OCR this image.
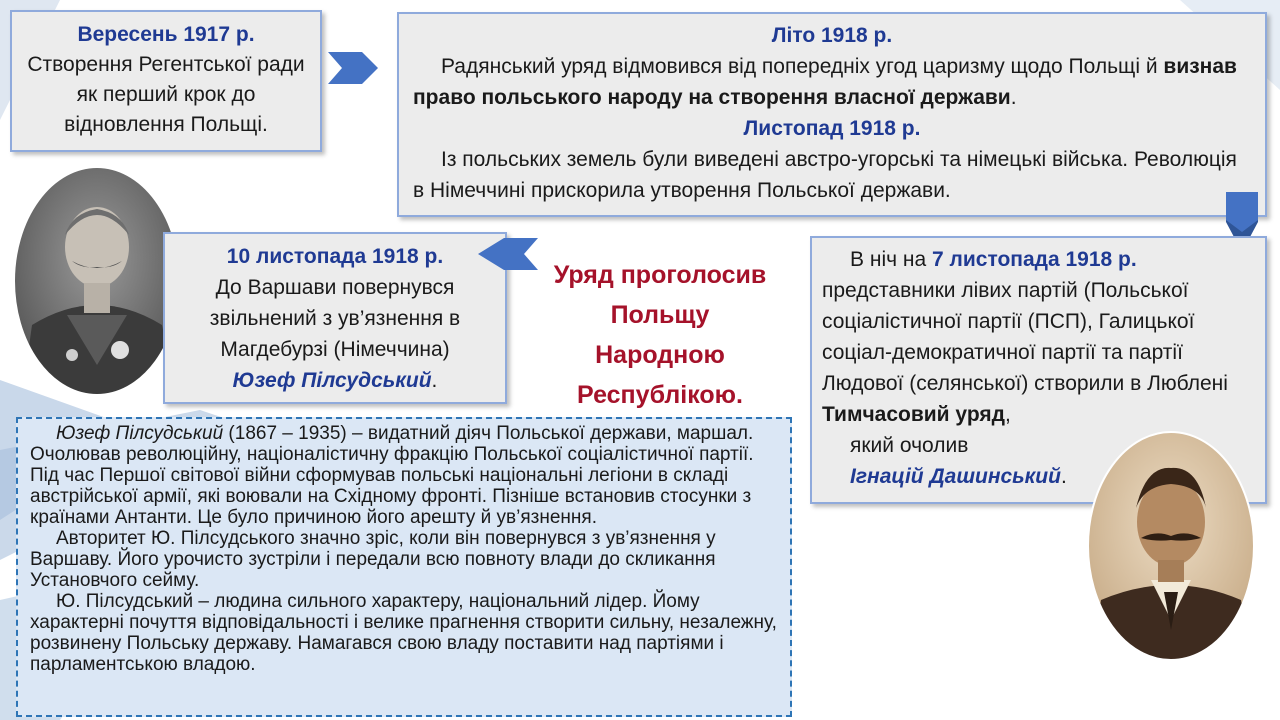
Вересень 1917 р.
Створення Регентської ради як перший крок до відновлення Польщі.
Літо 1918 р.
Радянський уряд відмовився від попередніх угод царизму щодо Польщі й визнав право польського народу на створення власної держави.
Листопад 1918 р.
Із польських земель були виведені австро-угорські та німецькі війська. Революція в Німеччині прискорила утворення Польської держави.
10 листопада 1918 р.
До Варшави повернувся звільнений з ув’язнення в Магдебурзі (Німеччина)
Юзеф Пілсудський.
Уряд проголосив
Польщу
Народною
Республікою.
В ніч на 7 листопада 1918 р. представники лівих партій (Польської соціалістичної партії (ПСП), Галицької соціал-демократичної партії та партії Людової (селянської) створили в Люблені Тимчасовий уряд,
який очолив
Ігнацій Дашинський.

Юзеф Пілсудський (1867 – 1935) – видатний діяч Польської держави, маршал. Очолював революційну, націоналістичну фракцію Польської соціалістичної партії. Під час Першої світової війни сформував польські національні легіони в складі австрійської армії, які воювали на Східному фронті. Пізніше встановив стосунки з країнами Антанти. Це було причиною його арешту й ув’язнення.

Авторитет Ю. Пілсудського значно зріс, коли він повернувся з ув’язнення у Варшаву. Його урочисто зустріли і передали всю повноту влади до скликання Установчого сейму.

Ю. Пілсудський – людина сильного характеру, національний лідер. Йому характерні почуття відповідальності і велике прагнення створити сильну, незалежну, розвинену Польську державу. Намагався свою владу поставити над партіями і парламентською владою.
